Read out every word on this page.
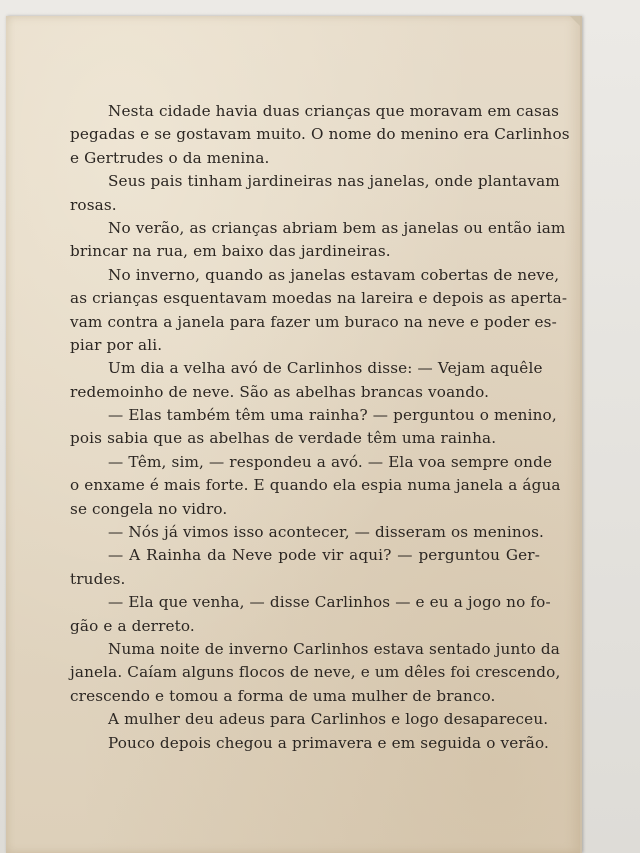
Nesta cidade havia duas crianças que moravam em casas
pegadas e se gostavam muito. O nome do menino era Carlinhos
e Gertrudes o da menina.
Seus pais tinham jardineiras nas janelas, onde plantavam
rosas.
No verão, as crianças abriam bem as janelas ou então iam
brincar na rua, em baixo das jardineiras.
No inverno, quando as janelas estavam cobertas de neve,
as crianças esquentavam moedas na lareira e depois as aperta-
vam contra a janela para fazer um buraco na neve e poder es-
piar por ali.
Um dia a velha avó de Carlinhos disse: — Vejam aquêle
redemoinho de neve. São as abelhas brancas voando.
— Elas também têm uma rainha? — perguntou o menino,
pois sabia que as abelhas de verdade têm uma rainha.
— Têm, sim, — respondeu a avó. — Ela voa sempre onde
o enxame é mais forte. E quando ela espia numa janela a água
se congela no vidro.
— Nós já vimos isso acontecer, — disseram os meninos.
— A Rainha da Neve pode vir aqui? — perguntou Ger-
trudes.
— Ela que venha, — disse Carlinhos — e eu a jogo no fo-
gão e a derreto.
Numa noite de inverno Carlinhos estava sentado junto da
janela. Caíam alguns flocos de neve, e um dêles foi crescendo,
crescendo e tomou a forma de uma mulher de branco.
A mulher deu adeus para Carlinhos e logo desapareceu.
Pouco depois chegou a primavera e em seguida o verão.
